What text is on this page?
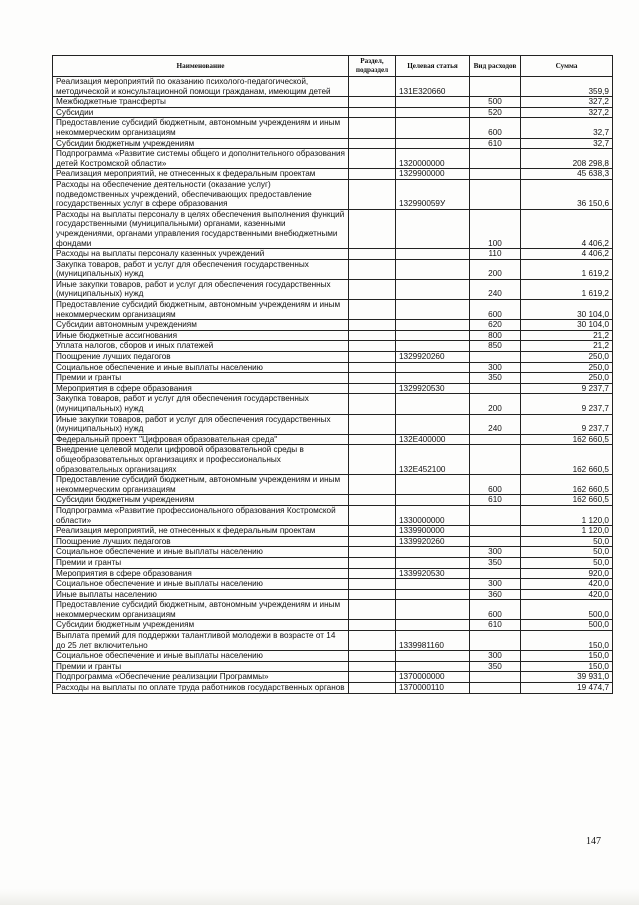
Наименование	Раздел, подраздел	Целевая статья	Вид расходов	Сумма
Реализация мероприятий по оказанию психолого-педагогической, методической и консультационной помощи гражданам, имеющим детей		131E320660		359,9
Межбюджетные трансферты			500	327,2
Субсидии			520	327,2
Предоставление субсидий бюджетным, автономным учреждениям и иным некоммерческим организациям			600	32,7
Субсидии бюджетным учреждениям			610	32,7
Подпрограмма «Развитие системы общего и дополнительного образования детей Костромской области»		1320000000		208 298,8
Реализация мероприятий, не отнесенных к федеральным проектам		1329900000		45 638,3
Расходы на обеспечение деятельности (оказание услуг) подведомственных учреждений, обеспечивающих предоставление государственных услуг в сфере образования		132990059У		36 150,6
Расходы на выплаты персоналу в целях обеспечения выполнения функций государственными (муниципальными) органами, казенными учреждениями, органами управления государственными внебюджетными фондами			100	4 406,2
Расходы на выплаты персоналу казенных учреждений			110	4 406,2
Закупка товаров, работ и услуг для обеспечения государственных (муниципальных) нужд			200	1 619,2
Иные закупки товаров, работ и услуг для обеспечения государственных (муниципальных) нужд			240	1 619,2
Предоставление субсидий бюджетным, автономным учреждениям и иным некоммерческим организациям			600	30 104,0
Субсидии автономным учреждениям			620	30 104,0
Иные бюджетные ассигнования			800	21,2
Уплата налогов, сборов и иных платежей			850	21,2
Поощрение лучших педагогов		1329920260		250,0
Социальное обеспечение и иные выплаты населению			300	250,0
Премии и гранты			350	250,0
Мероприятия в сфере образования		1329920530		9 237,7
Закупка товаров, работ и услуг для обеспечения государственных (муниципальных) нужд			200	9 237,7
Иные закупки товаров, работ и услуг для обеспечения государственных (муниципальных) нужд			240	9 237,7
Федеральный проект "Цифровая образовательная среда"		132E400000		162 660,5
Внедрение целевой модели цифровой образовательной среды в общеобразовательных организациях и профессиональных образовательных организациях		132E452100		162 660,5
Предоставление субсидий бюджетным, автономным учреждениям и иным некоммерческим организациям			600	162 660,5
Субсидии бюджетным учреждениям			610	162 660,5
Подпрограмма «Развитие профессионального образования Костромской области»		1330000000		1 120,0
Реализация мероприятий, не отнесенных к федеральным проектам		1339900000		1 120,0
Поощрение лучших педагогов		1339920260		50,0
Социальное обеспечение и иные выплаты населению			300	50,0
Премии и гранты			350	50,0
Мероприятия в сфере образования		1339920530		920,0
Социальное обеспечение и иные выплаты населению			300	420,0
Иные выплаты населению			360	420,0
Предоставление субсидий бюджетным, автономным учреждениям и иным некоммерческим организациям			600	500,0
Субсидии бюджетным учреждениям			610	500,0
Выплата премий для поддержки талантливой молодежи в возрасте от 14 до 25 лет включительно		1339981160		150,0
Социальное обеспечение и иные выплаты населению			300	150,0
Премии и гранты			350	150,0
Подпрограмма «Обеспечение реализации Программы»		1370000000		39 931,0
Расходы на выплаты по оплате труда работников государственных органов		1370000110		19 474,7
147
